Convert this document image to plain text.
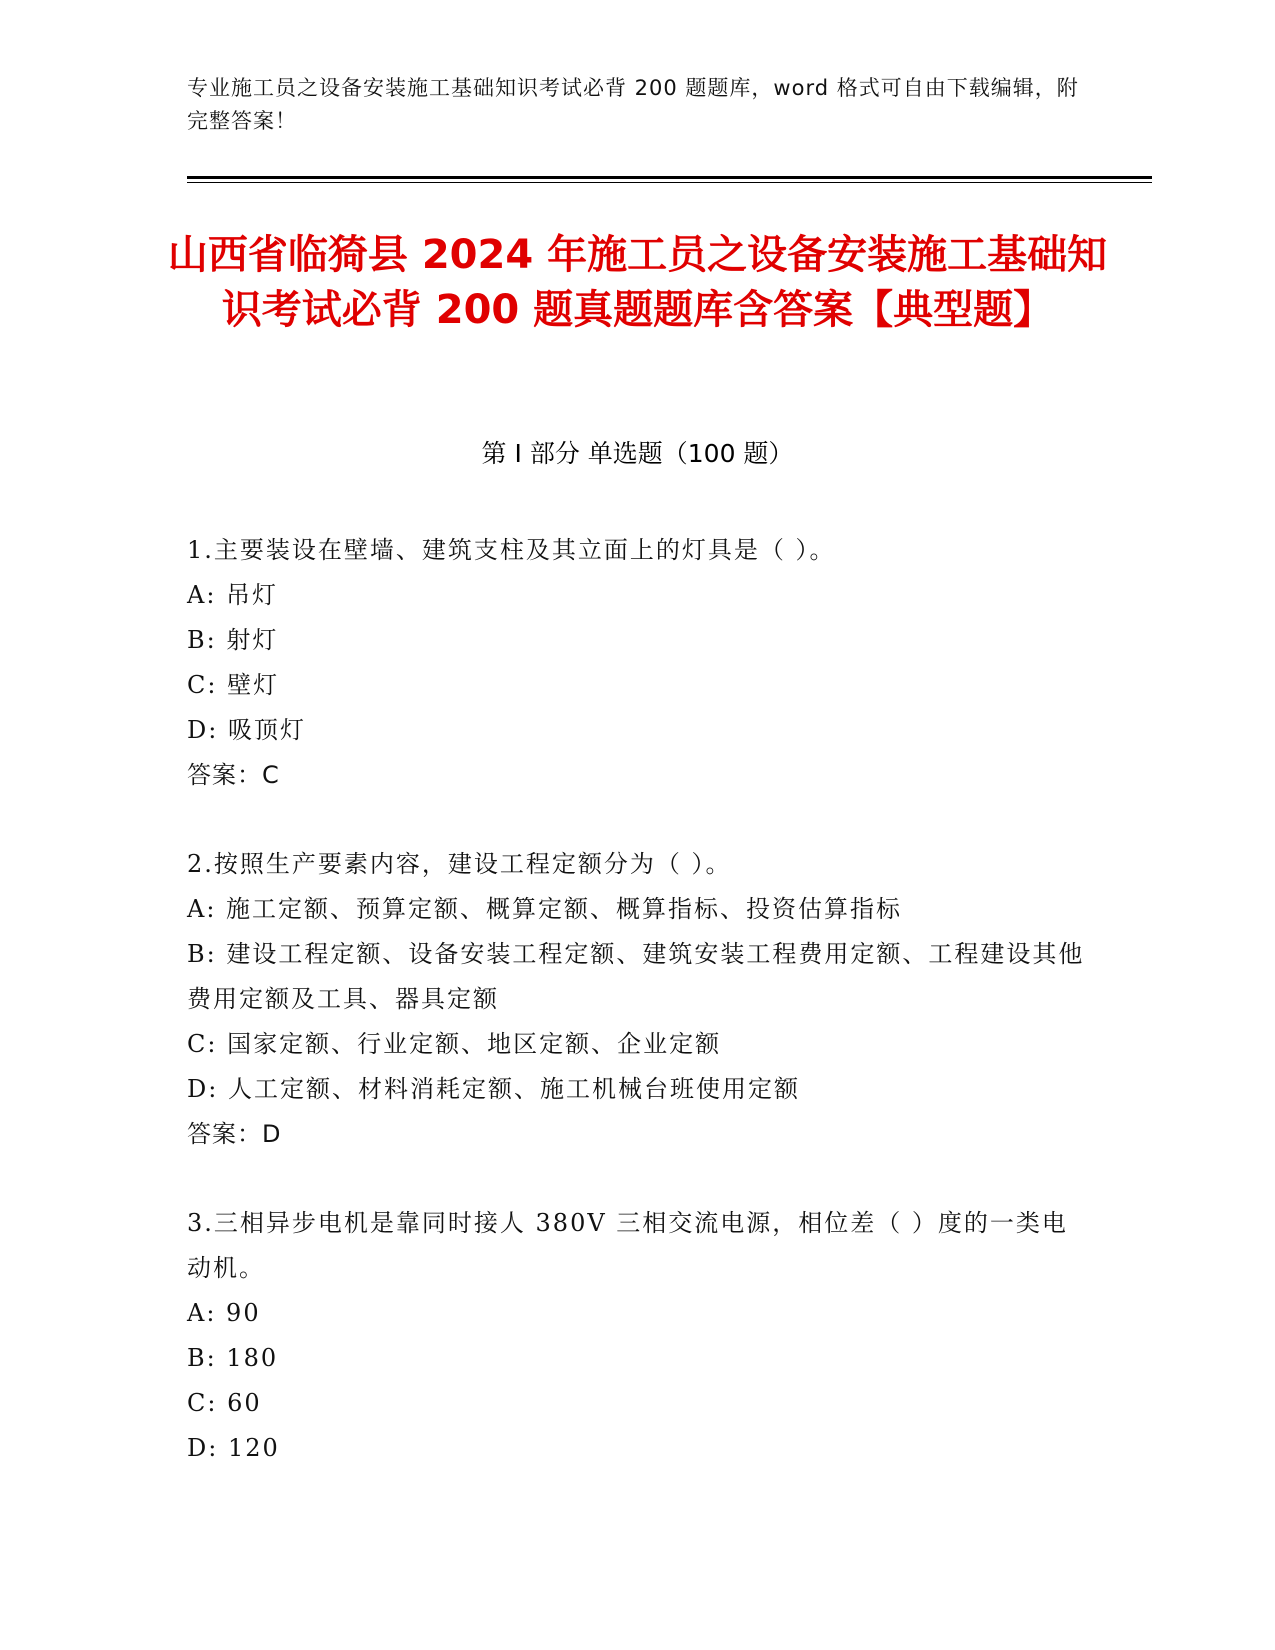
专业施工员之设备安装施工基础知识考试必背 200 题题库，word 格式可自由下载编辑，附完整答案！
山西省临猗县 2024 年施工员之设备安装施工基础知识考试必背 200 题真题题库含答案【典型题】
第 I 部分 单选题（100 题）

1.主要装设在壁墙、建筑支柱及其立面上的灯具是（ ）。

A: 吊灯

B: 射灯

C: 壁灯

D: 吸顶灯

答案：C

2.按照生产要素内容，建设工程定额分为（ ）。

A: 施工定额、预算定额、概算定额、概算指标、投资估算指标

B: 建设工程定额、设备安装工程定额、建筑安装工程费用定额、工程建设其他费用定额及工具、器具定额

C: 国家定额、行业定额、地区定额、企业定额

D: 人工定额、材料消耗定额、施工机械台班使用定额

答案：D

3.三相异步电机是靠同时接人 380V 三相交流电源，相位差（ ）度的一类电动机。

A: 90

B: 180

C: 60

D: 120
